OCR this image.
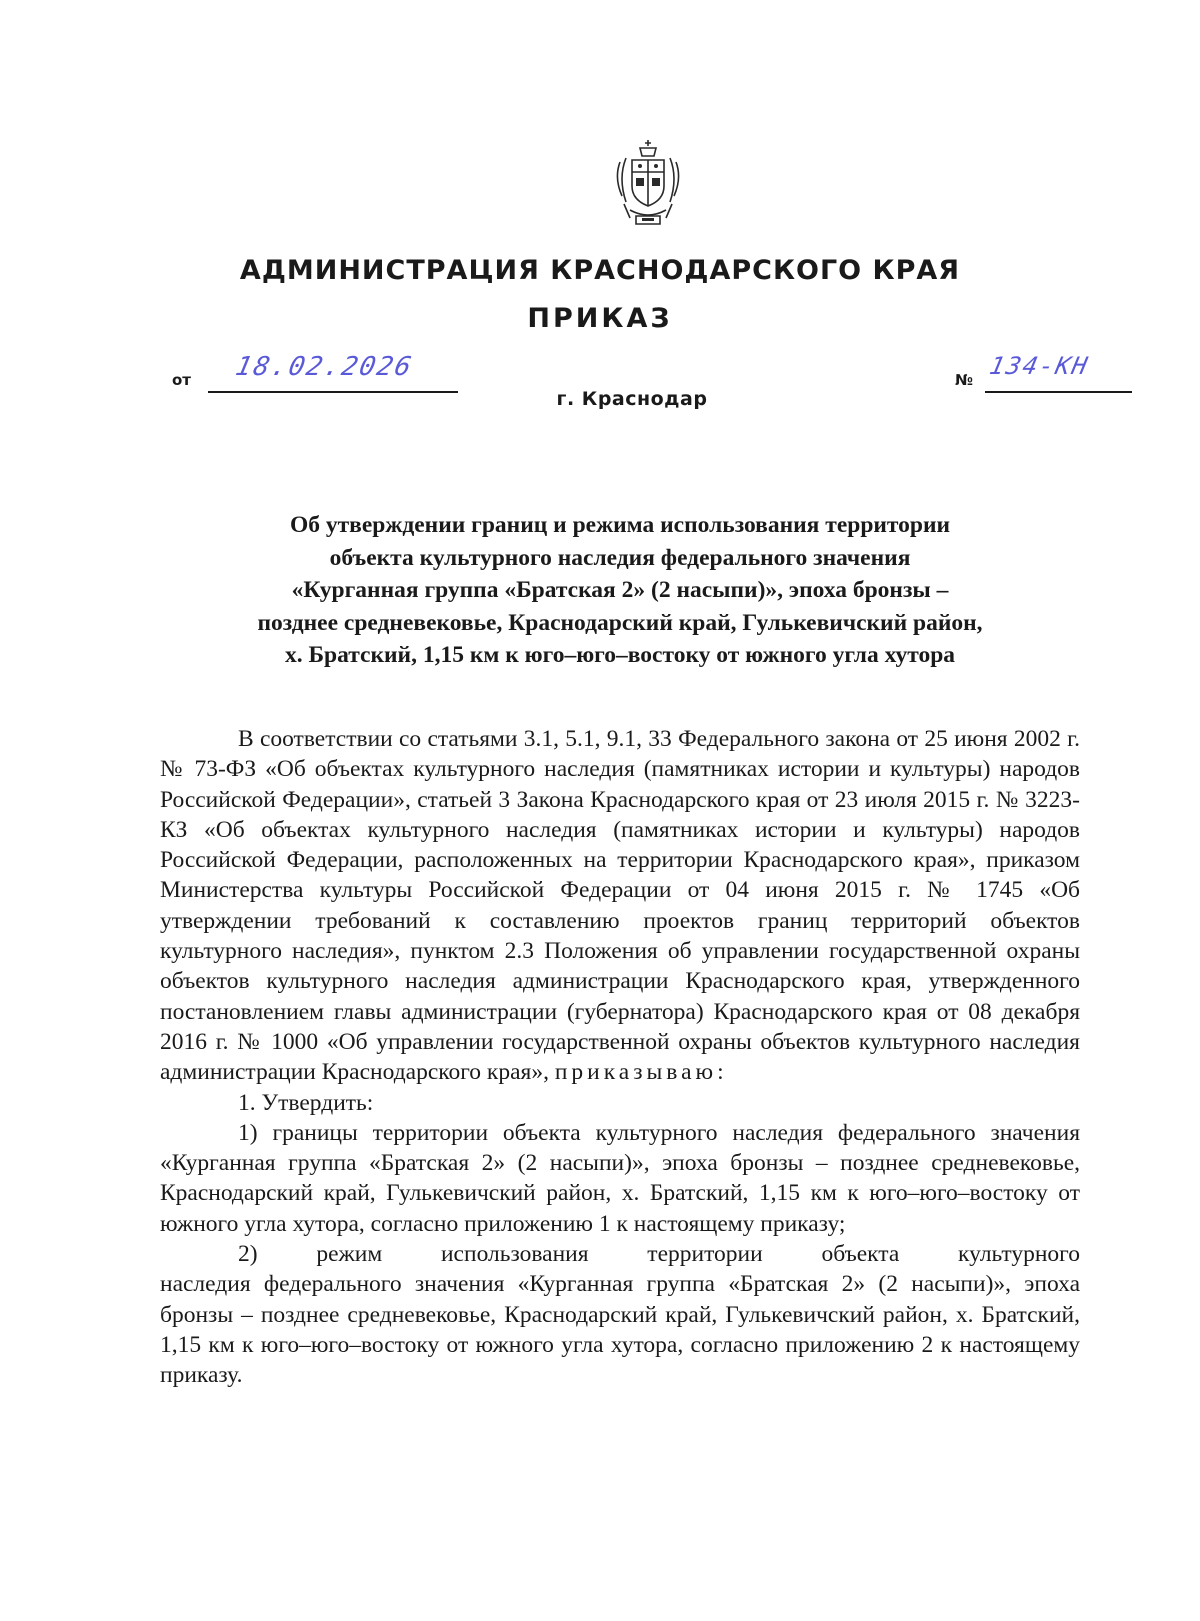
АДМИНИСТРАЦИЯ КРАСНОДАРСКОГО КРАЯ
ПРИКАЗ
от 18.02.2026	№ 134-КН
г. Краснодар
Об утверждении границ и режима использования территории
объекта культурного наследия федерального значения
«Курганная группа «Братская 2» (2 насыпи)», эпоха бронзы –
позднее средневековье, Краснодарский край, Гулькевичский район,
х. Братский, 1,15 км к юго–юго–востоку от южного угла хутора

В соответствии со статьями 3.1, 5.1, 9.1, 33 Федерального закона от 25 июня 2002 г. № 73-ФЗ «Об объектах культурного наследия (памятниках истории и культуры) народов Российской Федерации», статьей 3 Закона Краснодарского края от 23 июля 2015 г. № 3223-КЗ «Об объектах культурного наследия (памятниках истории и культуры) народов Российской Федерации, расположенных на территории Краснодарского края», приказом Министерства культуры Российской Федерации от 04 июня 2015 г. № 1745 «Об утверждении требований к составлению проектов границ территорий объектов культурного наследия», пунктом 2.3 Положения об управлении государственной охраны объектов культурного наследия администрации Краснодарского края, утвержденного постановлением главы администрации (губернатора) Краснодарского края от 08 декабря 2016 г. № 1000 «Об управлении государственной охраны объектов культурного наследия администрации Краснодарского края», приказываю:

1. Утвердить:

1) границы территории объекта культурного наследия федерального значения «Курганная группа «Братская 2» (2 насыпи)», эпоха бронзы – позднее средневековье, Краснодарский край, Гулькевичский район, х. Братский, 1,15 км к юго–юго–востоку от южного угла хутора, согласно приложению 1 к настоящему приказу;

2)	режим	использования	территории	объекта	культурного

наследия федерального значения «Курганная группа «Братская 2» (2 насыпи)», эпоха бронзы – позднее средневековье, Краснодарский край, Гулькевичский район, х. Братский, 1,15 км к юго–юго–востоку от южного угла хутора, согласно приложению 2 к настоящему приказу.
